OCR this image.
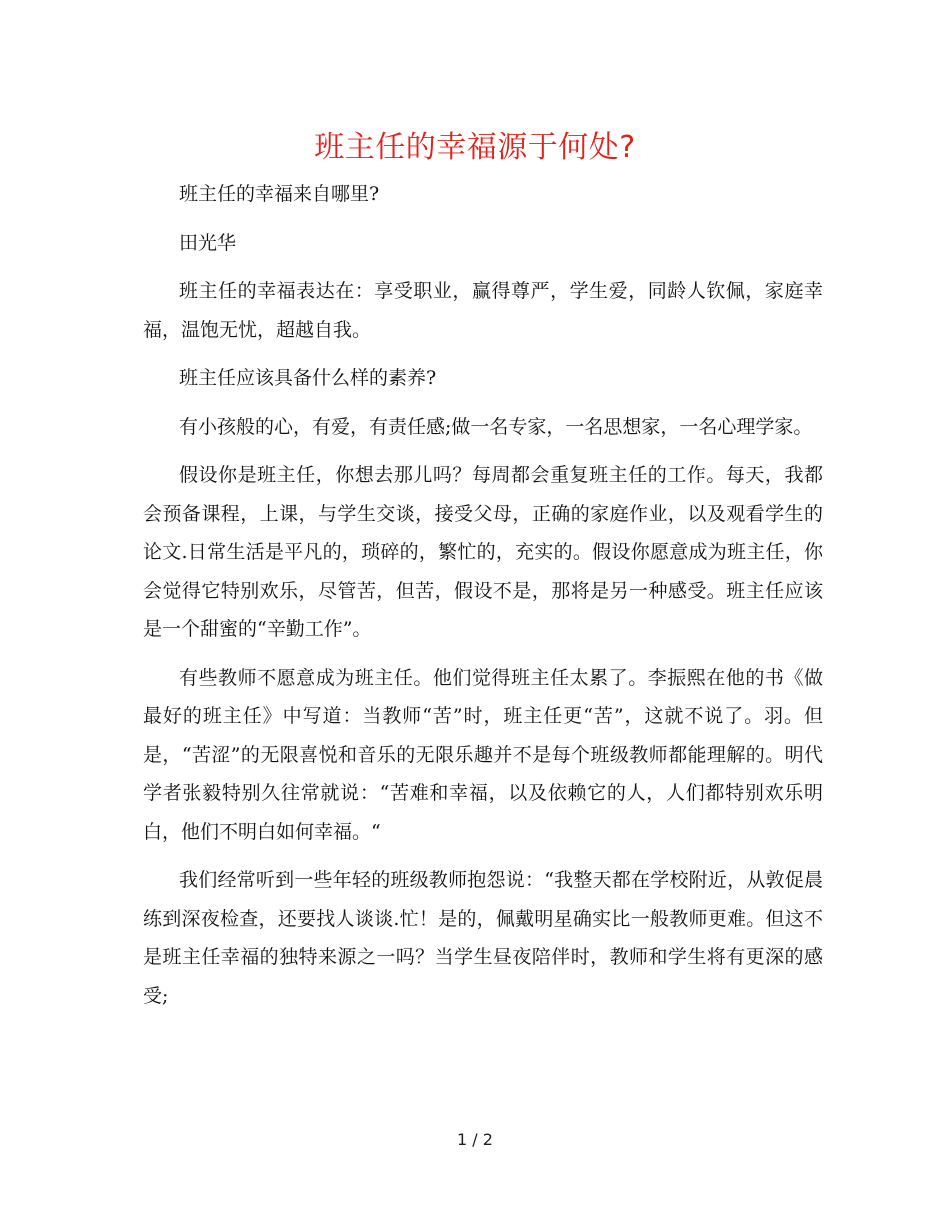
班主任的幸福源于何处?

班主任的幸福来自哪里?

田光华

班主任的幸福表达在：享受职业，赢得尊严，学生爱，同龄人钦佩，家庭幸福，温饱无忧，超越自我。

班主任应该具备什么样的素养?

有小孩般的心，有爱，有责任感;做一名专家，一名思想家，一名心理学家。

假设你是班主任，你想去那儿吗？每周都会重复班主任的工作。每天，我都会预备课程，上课，与学生交谈，接受父母，正确的家庭作业，以及观看学生的论文.日常生活是平凡的，琐碎的，繁忙的，充实的。假设你愿意成为班主任，你会觉得它特别欢乐，尽管苦，但苦，假设不是，那将是另一种感受。班主任应该是一个甜蜜的“辛勤工作”。

有些教师不愿意成为班主任。他们觉得班主任太累了。李振熙在他的书《做最好的班主任》中写道：当教师“苦”时，班主任更“苦”，这就不说了。羽。但是，“苦涩”的无限喜悦和音乐的无限乐趣并不是每个班级教师都能理解的。明代学者张毅特别久往常就说：“苦难和幸福，以及依赖它的人，人们都特别欢乐明白，他们不明白如何幸福。“

我们经常听到一些年轻的班级教师抱怨说：“我整天都在学校附近，从敦促晨练到深夜检查，还要找人谈谈.忙！是的，佩戴明星确实比一般教师更难。但这不是班主任幸福的独特来源之一吗？当学生昼夜陪伴时，教师和学生将有更深的感受;

1 / 2
